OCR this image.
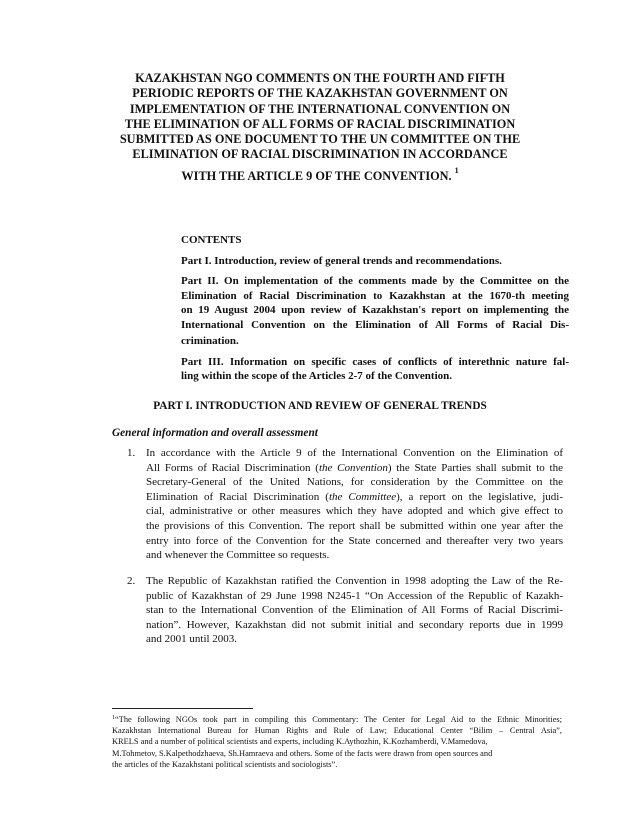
KAZAKHSTAN NGO COMMENTS ON THE FOURTH AND FIFTH
PERIODIC REPORTS OF THE KAZAKHSTAN GOVERNMENT ON
IMPLEMENTATION OF THE INTERNATIONAL CONVENTION ON
THE ELIMINATION OF ALL FORMS OF RACIAL DISCRIMINATION
SUBMITTED AS ONE DOCUMENT TO THE UN COMMITTEE ON THE
ELIMINATION OF RACIAL DISCRIMINATION IN ACCORDANCE
WITH THE ARTICLE 9 OF THE CONVENTION. $^1$
CONTENTS
Part I. Introduction, review of general trends and recommendations.
Part II. On implementation of the comments made by the Committee on the
Elimination of Racial Discrimination to Kazakhstan at the 1670-th meeting
on 19 August 2004 upon review of Kazakhstan's report on implementing the
International Convention on the Elimination of All Forms of Racial Dis-
crimination.
Part III. Information on specific cases of conflicts of interethnic nature fal-
ling within the scope of the Articles 2-7 of the Convention.
PART I. INTRODUCTION AND REVIEW OF GENERAL TRENDS
General information and overall assessment
1. In accordance with the Article 9 of the International Convention on the Elimination of
All Forms of Racial Discrimination (the Convention) the State Parties shall submit to the
Secretary-General of the United Nations, for consideration by the Committee on the
Elimination of Racial Discrimination (the Committee), a report on the legislative, judi-
cial, administrative or other measures which they have adopted and which give effect to
the provisions of this Convention. The report shall be submitted within one year after the
entry into force of the Convention for the State concerned and thereafter very two years
and whenever the Committee so requests.
2. The Republic of Kazakhstan ratified the Convention in 1998 adopting the Law of the Re-
public of Kazakhstan of 29 June 1998 N245-1 “On Accession of the Republic of Kazakh-
stan to the International Convention of the Elimination of All Forms of Racial Discrimi-
nation”. However, Kazakhstan did not submit initial and secondary reports due in 1999
and 2001 until 2003.
$^1$“The following NGOs took part in compiling this Commentary: The Center for Legal Aid to the Ethnic Minorities;
Kazakhstan International Bureau for Human Rights and Rule of Law; Educational Center “Bilim – Central Asia”,
KRELS and a number of political scientists and experts, including K.Aythozhin, K.Kozhamberdi, V.Mamedova,
M.Tohmetov, S.Kalpethodzhaeva, Sh.Hamraeva and others. Some of the facts were drawn from open sources and
the articles of the Kazakhstani political scientists and sociologists”.
